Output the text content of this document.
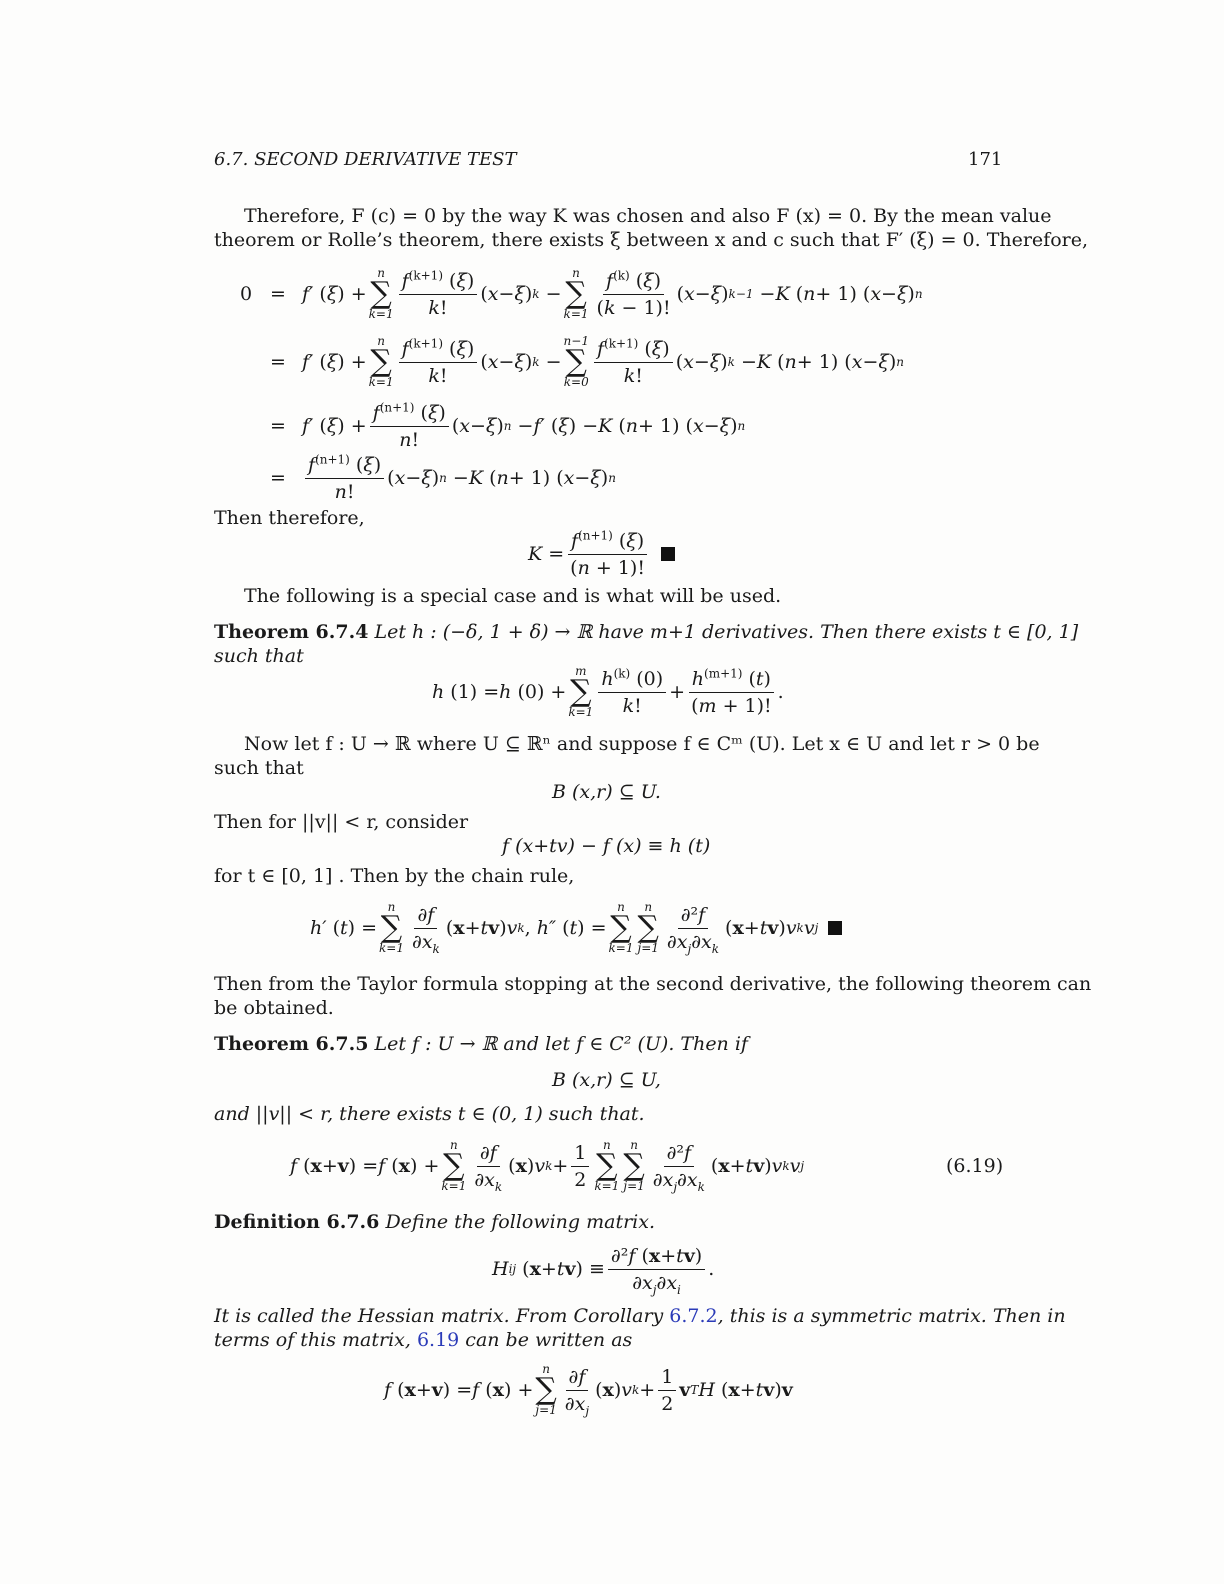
6.7. SECOND DERIVATIVE TEST	171
Therefore, F (c) = 0 by the way K was chosen and also F (x) = 0. By the mean value
theorem or Rolle’s theorem, there exists ξ between x and c such that F′ (ξ) = 0. Therefore,
0 = f′ ( ξ ) +
n
∑
$k=1 \frac{f^{(k+1)} (\xi)}{k!}$ ( x − ξ ) k −
n
∑
$k=1 \frac{f^{(k)} (\xi)}{(k - 1)!}$ ( x − ξ ) k−1 − K ( n + 1) ( x − ξ ) n
= f′ ( ξ ) +
n
∑
$k=1 \frac{f^{(k+1)} (\xi)}{k!}$ ( x − ξ ) k −
n−1
∑
$k=0 \frac{f^{(k+1)} (\xi)}{k!}$ ( x − ξ ) k − K ( n + 1) ( x − ξ ) n
= f′ ( ξ ) + $\frac{f^{(n+1)} (\xi)}{n!}$ ( x − ξ ) n − f′ ( ξ ) − K ( n + 1) ( x − ξ ) n
=	$\frac{f^{(n+1)} (\xi)}{n!}$ ( x − ξ ) n − K ( n + 1) ( x − ξ ) n
Then therefore,
$K = \frac{f^{(n+1)} (\xi)}{(n + 1)!}$
The following is a special case and is what will be used.
Theorem 6.7.4 Let h : (−δ, 1 + δ) → ℝ have m+1 derivatives. Then there exists t ∈ [0, 1]
such that
h (1) = h (0) +
m
∑
$k=1 \frac{h^{(k)} (0)}{k!} + \frac{h^{(m+1)} (t)}{(m + 1)!}$ .
Now let f : U → ℝ where U ⊆ ℝⁿ and suppose f ∈ Cᵐ (U). Let x ∈ U and let r > 0 be
such that
B (x,r) ⊆ U.
Then for ||v|| < r, consider
f (x+tv) − f (x) ≡ h (t)
for t ∈ [0, 1] . Then by the chain rule,
h′ ( t ) =
n
∑
$k=1 \frac{\partial f}{\partial x_k}$ ( x + t v ) v k , h″ ( t ) =
n
∑
k=1
n
∑
$j=1 \frac{\text{∂²f}}{\partial x_j\partial x_k}$ ( x + t v ) v k v j
Then from the Taylor formula stopping at the second derivative, the following theorem can
be obtained.
Theorem 6.7.5 Let f : U → ℝ and let f ∈ C² (U). Then if
B (x,r) ⊆ U,
and ||v|| < r, there exists t ∈ (0, 1) such that.
f ( x + v ) = f ( x ) +
n
∑
$k=1 \frac{\partial f}{\partial x_k}$ ( x ) v $k + \frac{1}{2}$ n
∑
k=1
n
∑
$j=1 \frac{\text{∂²f}}{\partial x_j\partial x_k}$ ( x + t v ) v k v j	(6.19)
Definition 6.7.6 Define the following matrix.
H ij ( x + t v ) ≡ $\frac{\text{∂²f (x+tv)}}{\partial x_j\partial x_i}$ .
It is called the Hessian matrix. From Corollary 6.7.2, this is a symmetric matrix. Then in
terms of this matrix, 6.19 can be written as
f ( x + v ) = f ( x ) +
n
∑
$j=1 \frac{\partial f}{\partial x_j}$ ( x ) v $k + \frac{1}{2}$ v T H ( x + t v ) v
